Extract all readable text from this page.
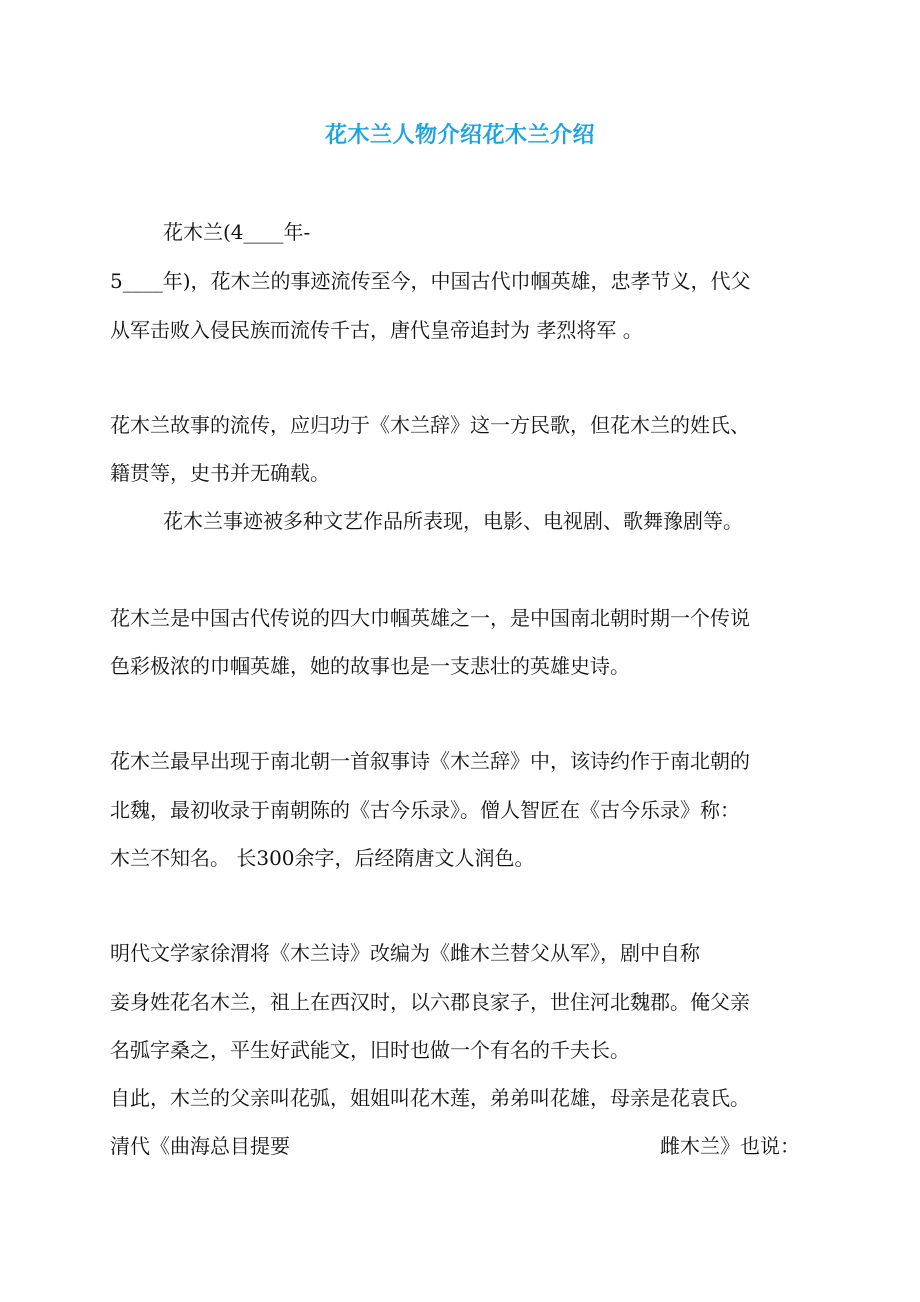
花木兰人物介绍花木兰介绍
花木兰(4____年-
5____年)，花木兰的事迹流传至今，中国古代巾帼英雄，忠孝节义，代父
从军击败入侵民族而流传千古，唐代皇帝追封为 孝烈将军 。
花木兰故事的流传，应归功于《木兰辞》这一方民歌，但花木兰的姓氏、
籍贯等，史书并无确载。
花木兰事迹被多种文艺作品所表现，电影、电视剧、歌舞豫剧等。
花木兰是中国古代传说的四大巾帼英雄之一，是中国南北朝时期一个传说
色彩极浓的巾帼英雄，她的故事也是一支悲壮的英雄史诗。
花木兰最早出现于南北朝一首叙事诗《木兰辞》中，该诗约作于南北朝的
北魏，最初收录于南朝陈的《古今乐录》。僧人智匠在《古今乐录》称：
木兰不知名。 长300余字，后经隋唐文人润色。
明代文学家徐渭将《木兰诗》改编为《雌木兰替父从军》，剧中自称
妾身姓花名木兰，祖上在西汉时，以六郡良家子，世住河北魏郡。俺父亲
名弧字桑之，平生好武能文，旧时也做一个有名的千夫长。
自此，木兰的父亲叫花弧，姐姐叫花木莲，弟弟叫花雄，母亲是花袁氏。
清代《曲海总目提要	雌木兰》也说：
